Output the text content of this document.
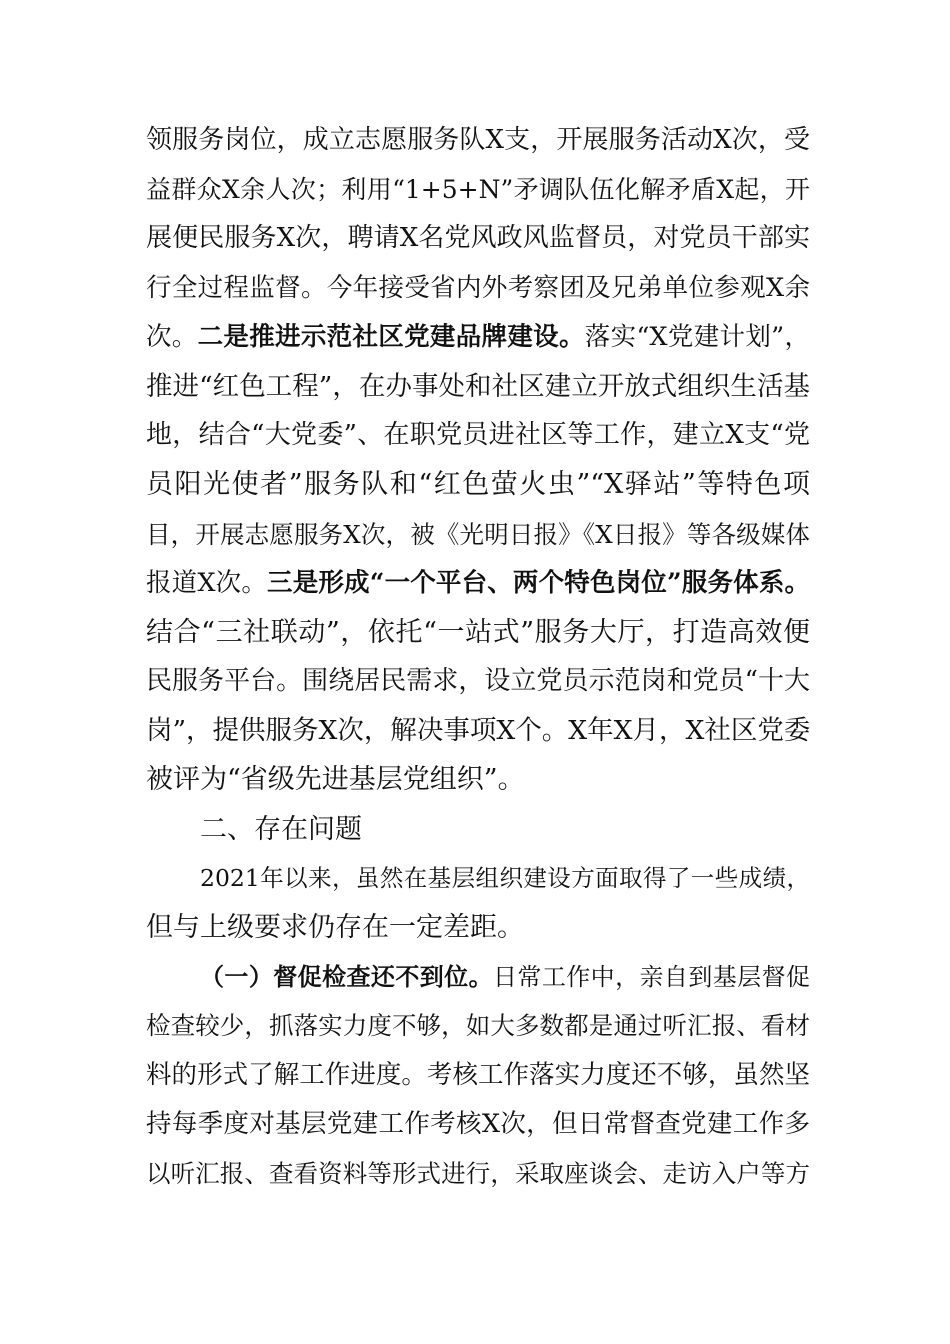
领服务岗位，成立志愿服务队X支，开展服务活动X次，受
益群众X余人次；利用“1+5+N”矛调队伍化解矛盾X起，开
展便民服务X次，聘请X名党风政风监督员，对党员干部实
行全过程监督。今年接受省内外考察团及兄弟单位参观X余
次。二是推进示范社区党建品牌建设。落实“X党建计划”，
推进“红色工程”，在办事处和社区建立开放式组织生活基
地，结合“大党委”、在职党员进社区等工作，建立X支“党
员阳光使者”服务队和“红色萤火虫”“X驿站”等特色项
目，开展志愿服务X次，被《光明日报》《X日报》等各级媒体
报道X次。三是形成“一个平台、两个特色岗位”服务体系。
结合“三社联动”，依托“一站式”服务大厅，打造高效便
民服务平台。围绕居民需求，设立党员示范岗和党员“十大
岗”，提供服务X次，解决事项X个。X年X月，X社区党委
被评为“省级先进基层党组织”。
二、存在问题
2021年以来，虽然在基层组织建设方面取得了一些成绩，
但与上级要求仍存在一定差距。
（一）督促检查还不到位。日常工作中，亲自到基层督促
检查较少，抓落实力度不够，如大多数都是通过听汇报、看材
料的形式了解工作进度。考核工作落实力度还不够，虽然坚
持每季度对基层党建工作考核X次，但日常督查党建工作多
以听汇报、查看资料等形式进行，采取座谈会、走访入户等方
